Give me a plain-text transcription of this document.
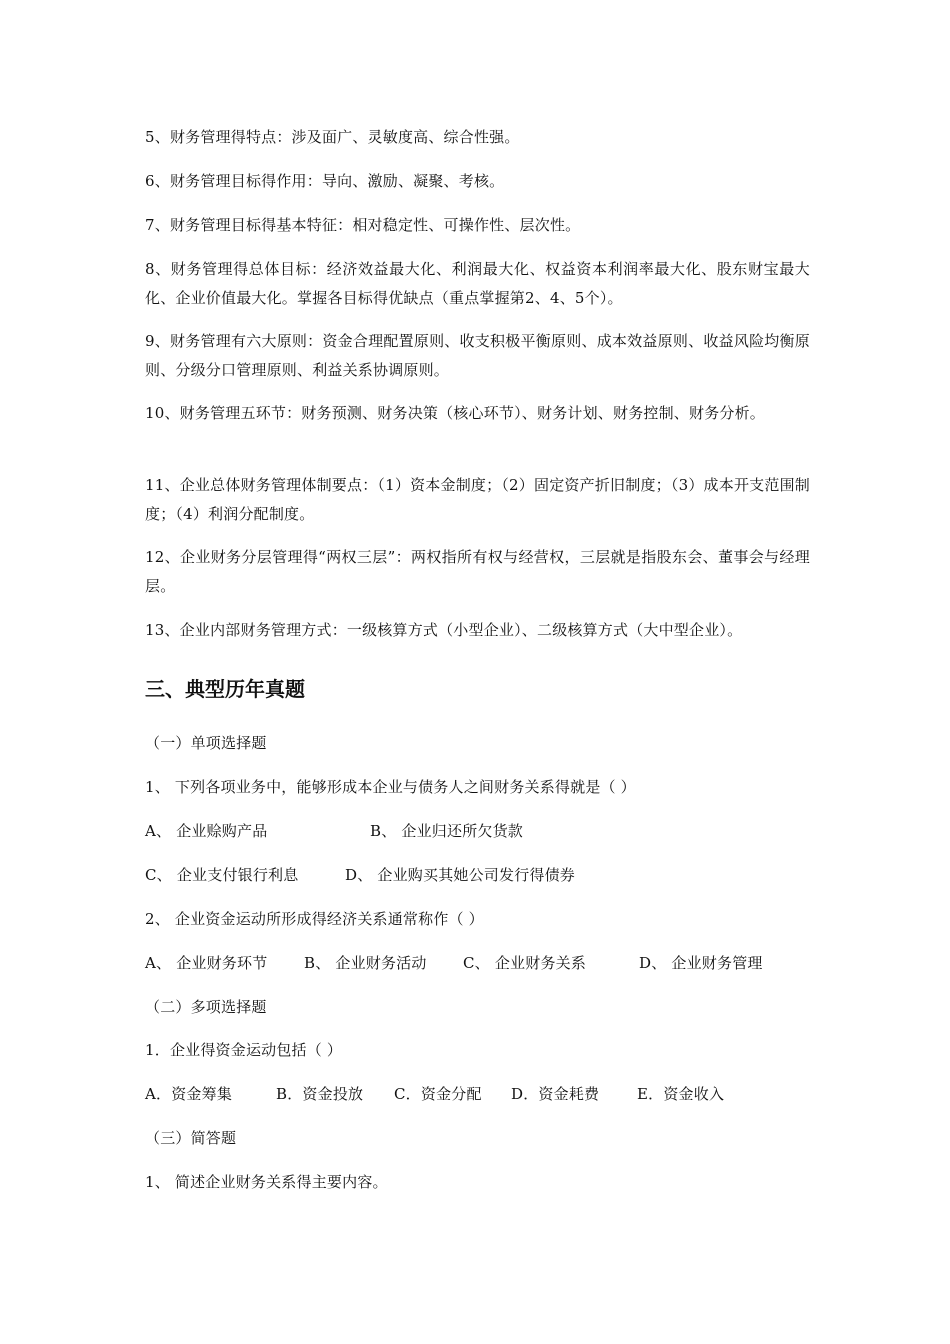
5、财务管理得特点：涉及面广、灵敏度高、综合性强。
6、财务管理目标得作用：导向、激励、凝聚、考核。
7、财务管理目标得基本特征：相对稳定性、可操作性、层次性。
8、财务管理得总体目标：经济效益最大化、利润最大化、权益资本利润率最大化、股东财宝最大化、企业价值最大化。掌握各目标得优缺点（重点掌握第2、4、5个）。
9、财务管理有六大原则：资金合理配置原则、收支积极平衡原则、成本效益原则、收益风险均衡原则、分级分口管理原则、利益关系协调原则。
10、财务管理五环节：财务预测、财务决策（核心环节）、财务计划、财务控制、财务分析。
11、企业总体财务管理体制要点：（1）资本金制度；（2）固定资产折旧制度；（3）成本开支范围制度；（4）利润分配制度。
12、企业财务分层管理得“两权三层”：两权指所有权与经营权，三层就是指股东会、董事会与经理层。
13、企业内部财务管理方式：一级核算方式（小型企业）、二级核算方式（大中型企业）。
三、典型历年真题
（一）单项选择题
1、 下列各项业务中，能够形成本企业与债务人之间财务关系得就是（ ）
A、 企业赊购产品	B、 企业归还所欠货款
C、 企业支付银行利息	D、 企业购买其她公司发行得债券
2、 企业资金运动所形成得经济关系通常称作（ ）
A、 企业财务环节 B、 企业财务活动 C、 企业财务关系	D、 企业财务管理
（二）多项选择题
1．企业得资金运动包括（ ）
A．资金筹集	B．资金投放 C．资金分配 D．资金耗费	E．资金收入
（三）简答题
1、 简述企业财务关系得主要内容。
